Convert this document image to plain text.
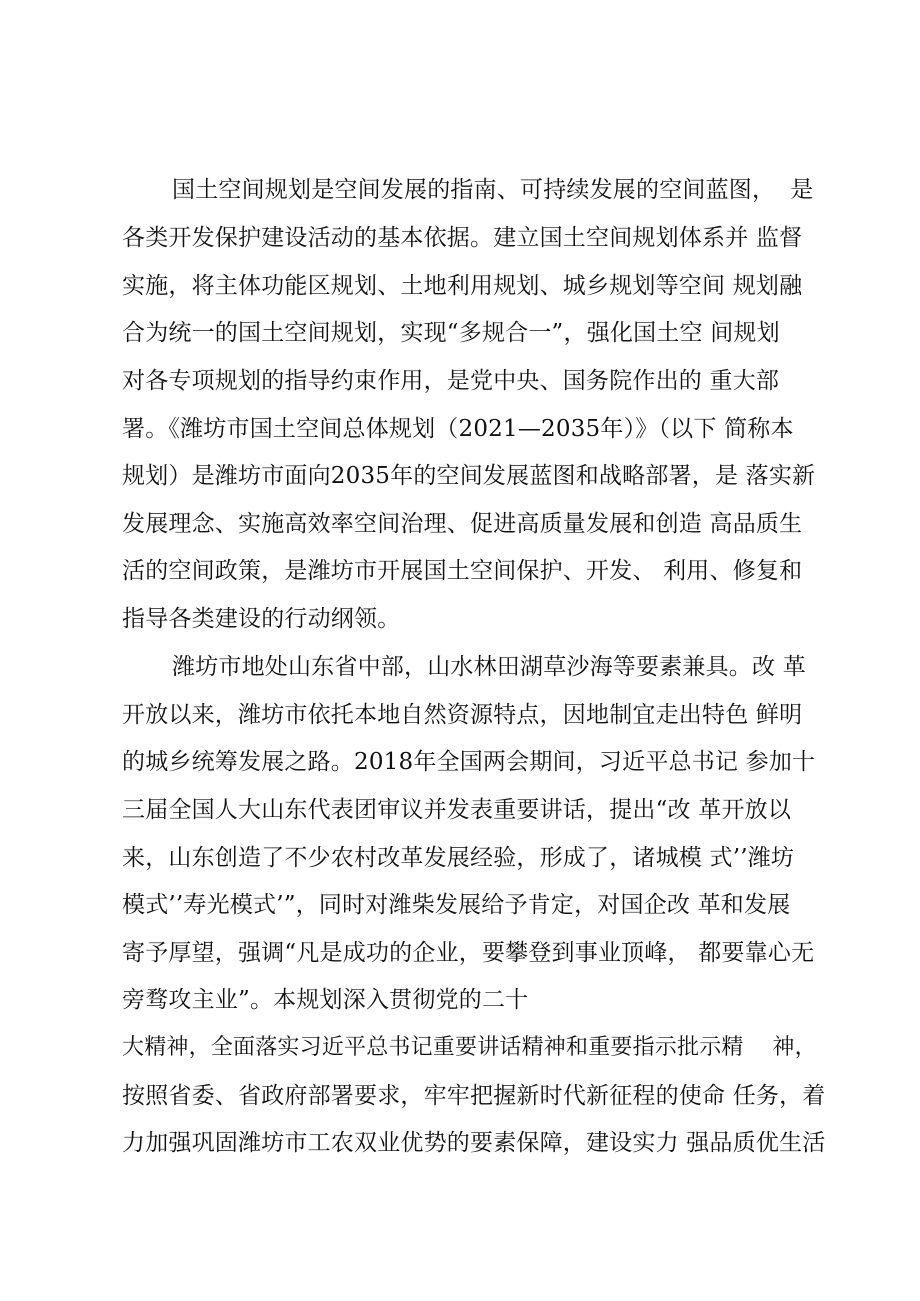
国土空间规划是空间发展的指南、可持续发展的空间蓝图，  是
各类开发保护建设活动的基本依据。建立国土空间规划体系并 监督
实施，将主体功能区规划、土地利用规划、城乡规划等空间 规划融
合为统一的国土空间规划，实现“多规合一”，强化国土空 间规划
对各专项规划的指导约束作用，是党中央、国务院作出的 重大部
署。《潍坊市国土空间总体规划（2021—2035年）》（以下 简称本
规划）是潍坊市面向2035年的空间发展蓝图和战略部署，是 落实新
发展理念、实施高效率空间治理、促进高质量发展和创造 高品质生
活的空间政策，是潍坊市开展国土空间保护、开发、 利用、修复和
指导各类建设的行动纲领。
潍坊市地处山东省中部，山水林田湖草沙海等要素兼具。改 革
开放以来，潍坊市依托本地自然资源特点，因地制宜走出特色 鲜明
的城乡统筹发展之路。2018年全国两会期间，习近平总书记 参加十
三届全国人大山东代表团审议并发表重要讲话，提出“改 革开放以
来，山东创造了不少农村改革发展经验，形成了，诸城模 式’’潍坊
模式’’寿光模式’”，同时对潍柴发展给予肯定，对国企改 革和发展
寄予厚望，强调“凡是成功的企业，要攀登到事业顶峰， 都要靠心无
旁骛攻主业”。本规划深入贯彻党的二十
大精神，全面落实习近平总书记重要讲话精神和重要指示批示精    神，
按照省委、省政府部署要求，牢牢把握新时代新征程的使命 任务，着
力加强巩固潍坊市工农双业优势的要素保障，建设实力 强品质优生活
